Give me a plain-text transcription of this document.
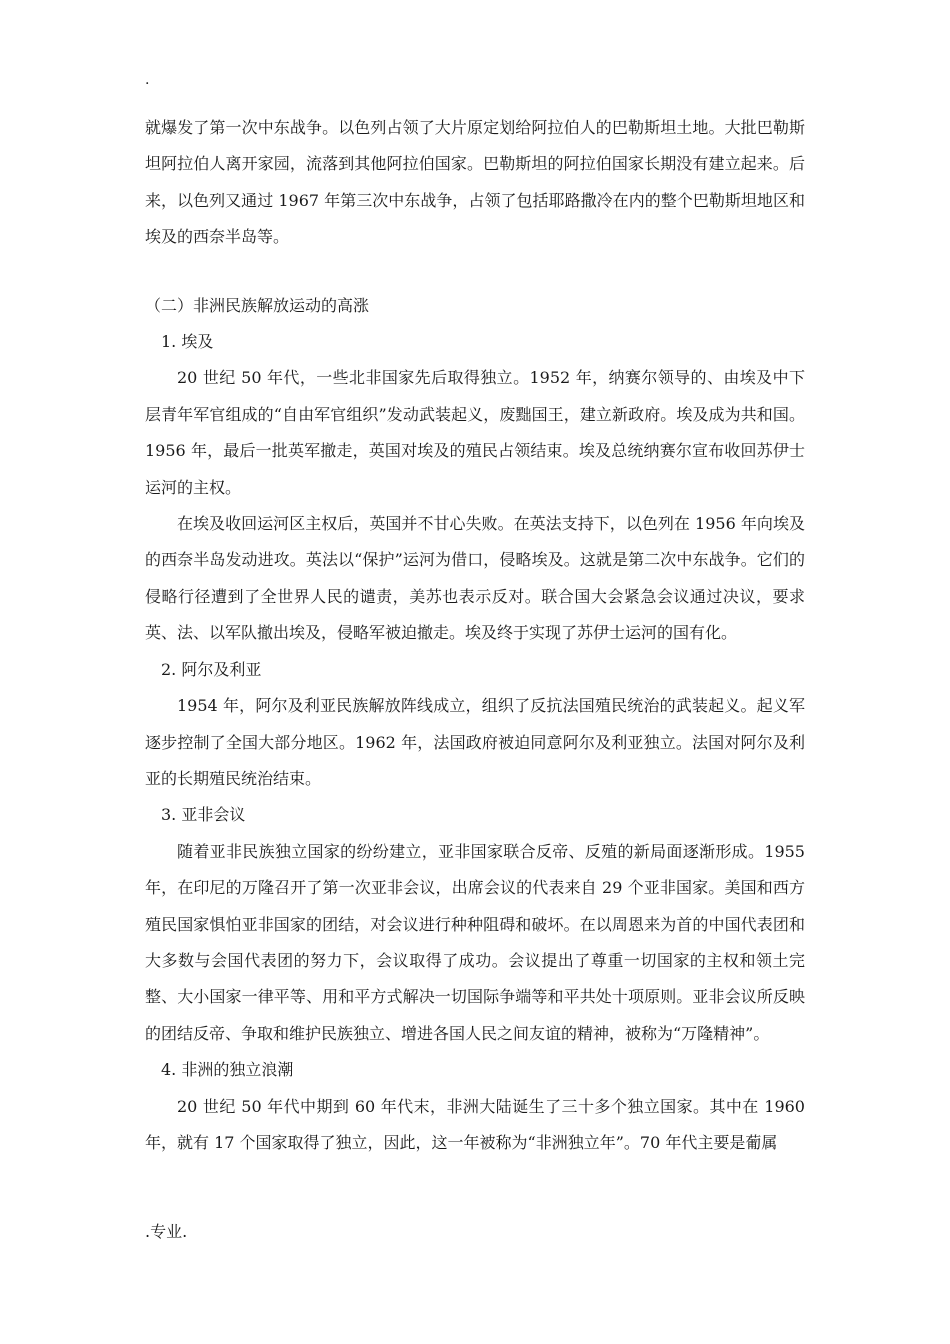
.

就爆发了第一次中东战争。以色列占领了大片原定划给阿拉伯人的巴勒斯坦土地。大批巴勒斯坦阿拉伯人离开家园，流落到其他阿拉伯国家。巴勒斯坦的阿拉伯国家长期没有建立起来。后来，以色列又通过 1967 年第三次中东战争，占领了包括耶路撒冷在内的整个巴勒斯坦地区和埃及的西奈半岛等。

（二）非洲民族解放运动的高涨

1. 埃及

20 世纪 50 年代，一些北非国家先后取得独立。1952 年，纳赛尔领导的、由埃及中下层青年军官组成的“自由军官组织”发动武装起义，废黜国王，建立新政府。埃及成为共和国。1956 年，最后一批英军撤走，英国对埃及的殖民占领结束。埃及总统纳赛尔宣布收回苏伊士运河的主权。

在埃及收回运河区主权后，英国并不甘心失败。在英法支持下，以色列在 1956 年向埃及的西奈半岛发动进攻。英法以“保护”运河为借口，侵略埃及。这就是第二次中东战争。它们的侵略行径遭到了全世界人民的谴责，美苏也表示反对。联合国大会紧急会议通过决议，要求英、法、以军队撤出埃及，侵略军被迫撤走。埃及终于实现了苏伊士运河的国有化。

2. 阿尔及利亚

1954 年，阿尔及利亚民族解放阵线成立，组织了反抗法国殖民统治的武装起义。起义军逐步控制了全国大部分地区。1962 年，法国政府被迫同意阿尔及利亚独立。法国对阿尔及利亚的长期殖民统治结束。

3. 亚非会议

随着亚非民族独立国家的纷纷建立，亚非国家联合反帝、反殖的新局面逐渐形成。1955 年，在印尼的万隆召开了第一次亚非会议，出席会议的代表来自 29 个亚非国家。美国和西方殖民国家惧怕亚非国家的团结，对会议进行种种阻碍和破坏。在以周恩来为首的中国代表团和大多数与会国代表团的努力下，会议取得了成功。会议提出了尊重一切国家的主权和领土完整、大小国家一律平等、用和平方式解决一切国际争端等和平共处十项原则。亚非会议所反映的团结反帝、争取和维护民族独立、增进各国人民之间友谊的精神，被称为“万隆精神”。

4. 非洲的独立浪潮

20 世纪 50 年代中期到 60 年代末，非洲大陆诞生了三十多个独立国家。其中在 1960 年，就有 17 个国家取得了独立，因此，这一年被称为“非洲独立年”。70 年代主要是葡属

.专业.
